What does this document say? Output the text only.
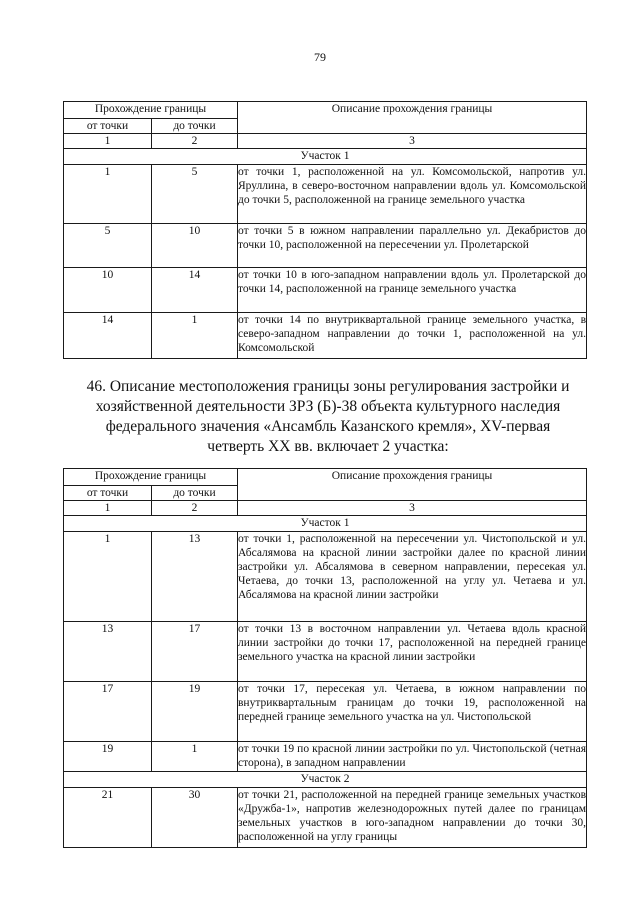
79
Прохождение границы		Описание прохождения границы
от точки	до точки	
1	2	3
Участок 1		
1	5	от точки 1, расположенной на ул. Комсомольской, напротив ул. Яруллина, в северо-восточном направлении вдоль ул. Комсомольской до точки 5, расположенной на границе земельного участка
5	10	от точки 5 в южном направлении параллельно ул. Декабристов до точки 10, расположенной на пересечении ул. Пролетарской
10	14	от точки 10 в юго-западном направлении вдоль ул. Пролетарской до точки 14, расположенной на границе земельного участка
14	1	от точки 14 по внутриквартальной границе земельного участка, в северо-западном направлении до точки 1, расположенной на ул. Комсомольской
46. Описание местоположения границы зоны регулирования застройки и хозяйственной деятельности ЗРЗ (Б)-38 объекта культурного наследия федерального значения «Ансамбль Казанского кремля», XV-первая четверть XX вв. включает 2 участка:
Прохождение границы		Описание прохождения границы
от точки	до точки	
1	2	3
Участок 1		
1	13	от точки 1, расположенной на пересечении ул. Чистопольской и ул. Абсалямова на красной линии застройки далее по красной линии застройки ул. Абсалямова в северном направлении, пересекая ул. Четаева, до точки 13, расположенной на углу ул. Четаева и ул. Абсалямова на красной линии застройки
13	17	от точки 13 в восточном направлении ул. Четаева вдоль красной линии застройки до точки 17, расположенной на передней границе земельного участка на красной линии застройки
17	19	от точки 17, пересекая ул. Четаева, в южном направлении по внутриквартальным границам до точки 19, расположенной на передней границе земельного участка на ул. Чистопольской
19	1	от точки 19 по красной линии застройки по ул. Чистопольской (четная сторона), в западном направлении
Участок 2		
21	30	от точки 21, расположенной на передней границе земельных участков «Дружба-1», напротив железнодорожных путей далее по границам земельных участков в юго-западном направлении до точки 30, расположенной на углу границы
